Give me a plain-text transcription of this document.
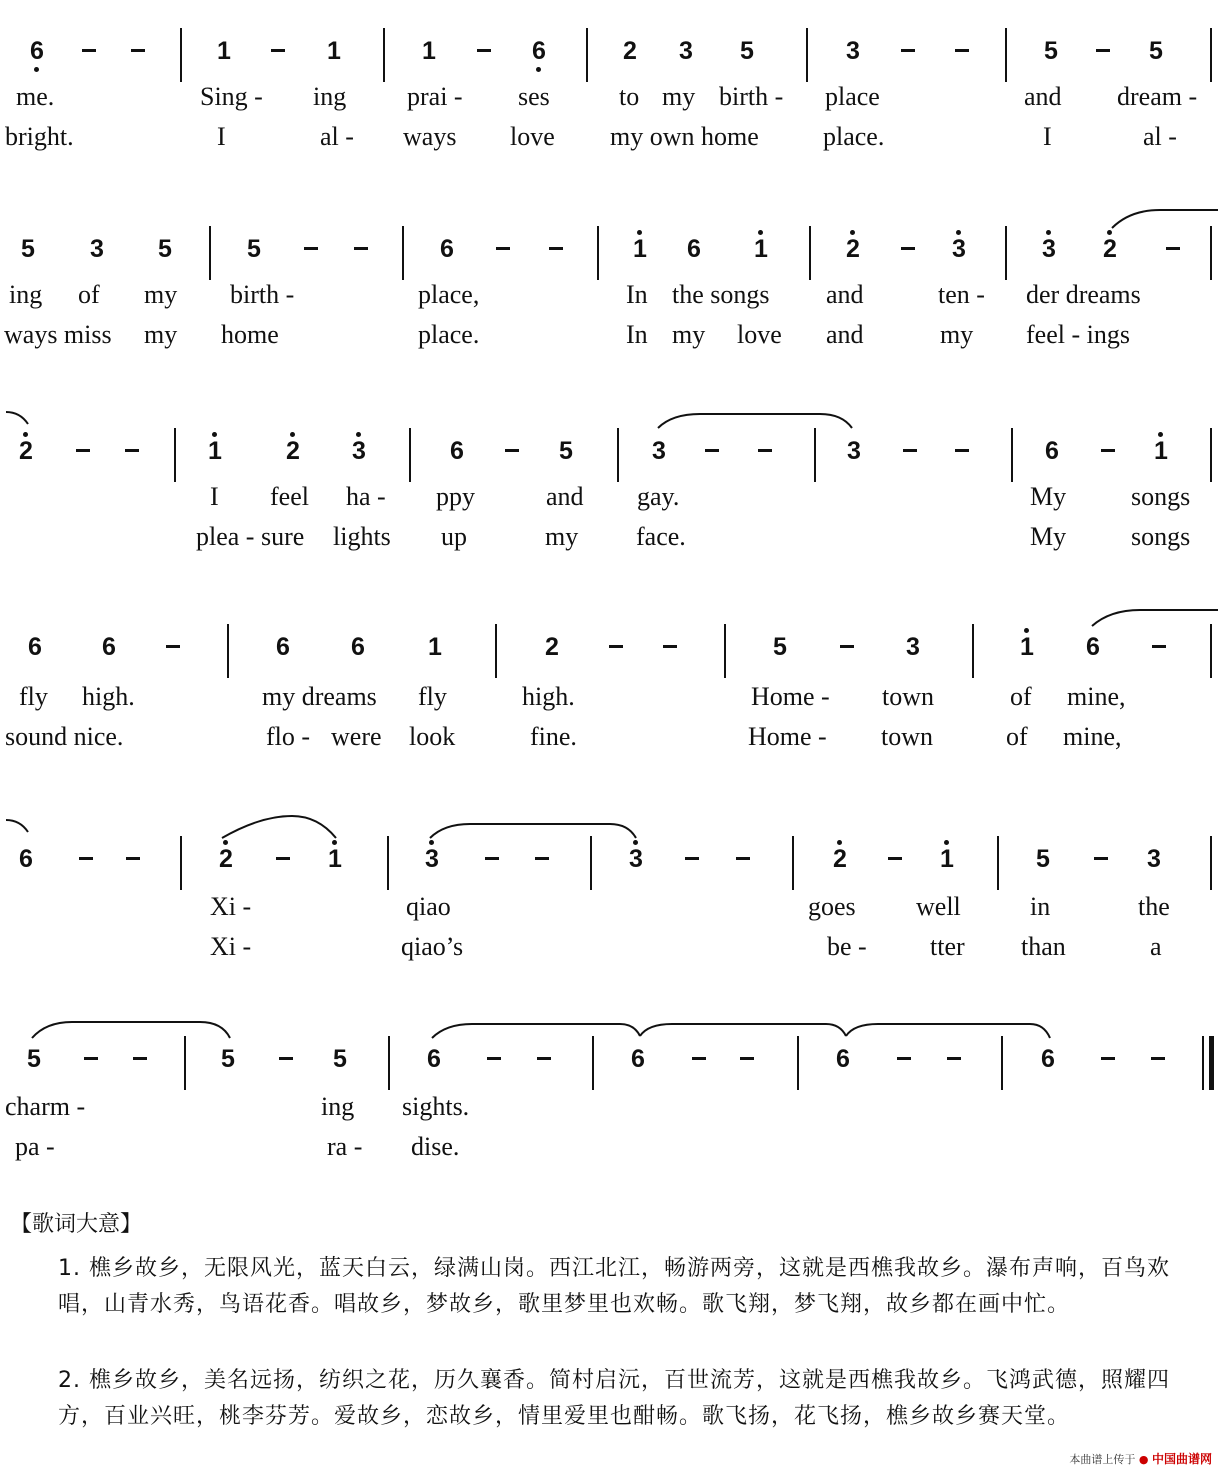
6	1	1	1	6	2	3	5	3	5	5
me.	Sing - ing prai - ses	to my birth - place	and dream -
bright.	I	al - ways love my own home place.	I	al -
5	3	5	5	6	1	6	1	2	3	3	2
ing of my birth -	place,	In the songs and	ten - der dreams
ways miss my home	place.	In my love and	my feel - ings
2	1	2	3	6	5	3	3	6	1
I feel ha - ppy	and gay.	My songs
plea - sure lights up	my face.	My songs
6	6	6	6	1	2	5	3	1	6
fly high.	my dreams fly	high.	Home - town	of mine,
sound nice.	flo - were look	fine.	Home - town	of mine,
6	2	1	3	3	2	1	5	3
Xi -	qiao	goes well	in	the
Xi -	qiao’s	be - tter than	a
5	5	5	6	6	6	6
charm -	ing sights.
pa -	ra - dise.
【歌词大意】
1. 樵乡故乡，无限风光，蓝天白云，绿满山岗。西江北江，畅游两旁，这就是西樵我故乡。瀑布声响，百鸟欢唱，山青水秀，鸟语花香。唱故乡，梦故乡，歌里梦里也欢畅。歌飞翔，梦飞翔，故乡都在画中忙。
2. 樵乡故乡，美名远扬，纺织之花，历久襄香。简村启沅，百世流芳，这就是西樵我故乡。飞鸿武德，照耀四方，百业兴旺，桃李芬芳。爱故乡，恋故乡，情里爱里也酣畅。歌飞扬，花飞扬，樵乡故乡赛天堂。
本曲谱上传于 ● 中国曲谱网
